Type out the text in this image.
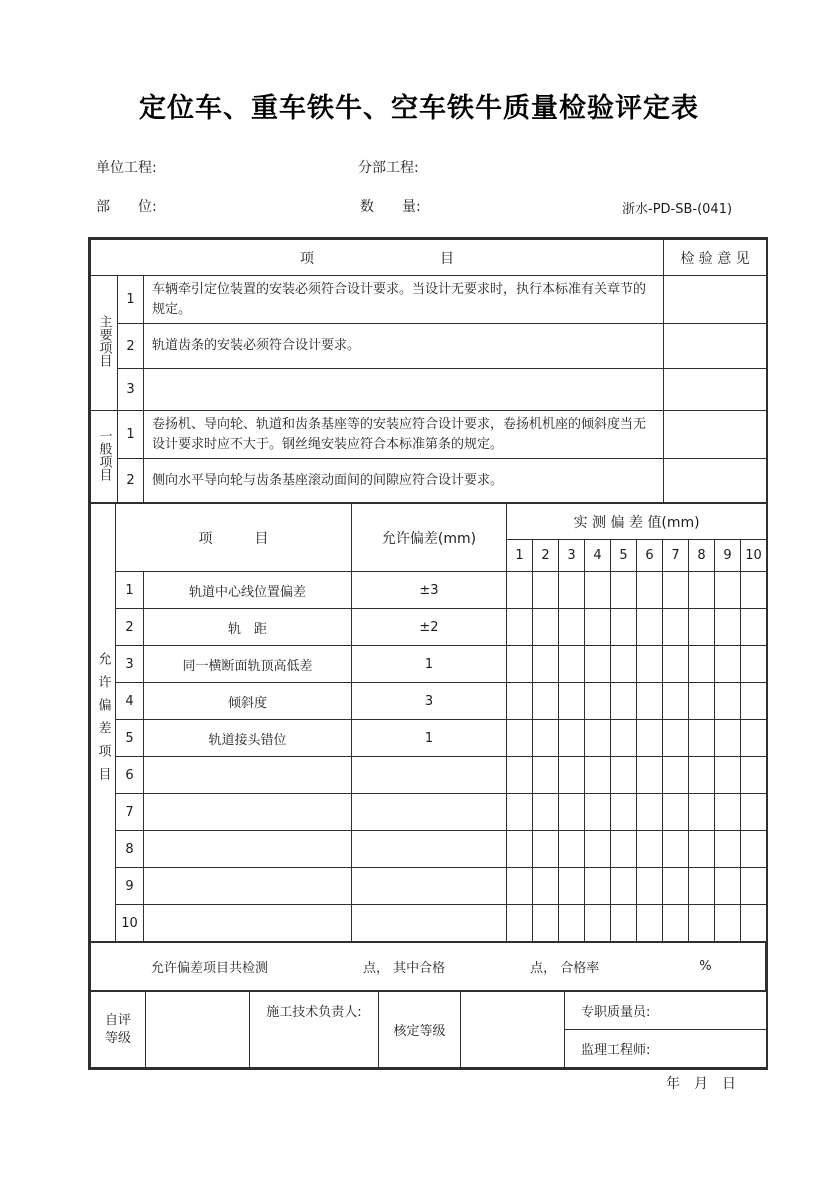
定位车、重车铁牛、空车铁牛质量检验评定表
单位工程:	分部工程:
部　　位:	数　　量:	浙水-PD-SB-(041)
项　　　　　　　　　目			检 验 意 见
主要项目	1	车辆牵引定位装置的安装必须符合设计要求。当设计无要求时，执行本标准有关章节的规定。	
	2	轨道齿条的安装必须符合设计要求。	
	3		
一般项目	1	卷扬机、导向轮、轨道和齿条基座等的安装应符合设计要求，卷扬机机座的倾斜度当无设计要求时应不大于。钢丝绳安装应符合本标准第条的规定。	
	2	侧向水平导向轮与齿条基座滚动面间的间隙应符合设计要求。	
允许偏差项目	项　　　目		允许偏差(mm)	实 测 偏 差 值(mm)									
				1	2	3	4	5	6	7	8	9	10
	1	轨道中心线位置偏差	±3										
	2	轨　距	±2										
	3	同一横断面轨顶高低差	1										
	4	倾斜度	3										
	5	轨道接头错位	1										
	6												
	7												
	8												
	9												
	10												
允许偏差项目共检测	点， 其中合格	点， 合格率	%
自评等级		施工技术负责人:	核定等级		专职质量员:
监理工程师:
年　月　日
